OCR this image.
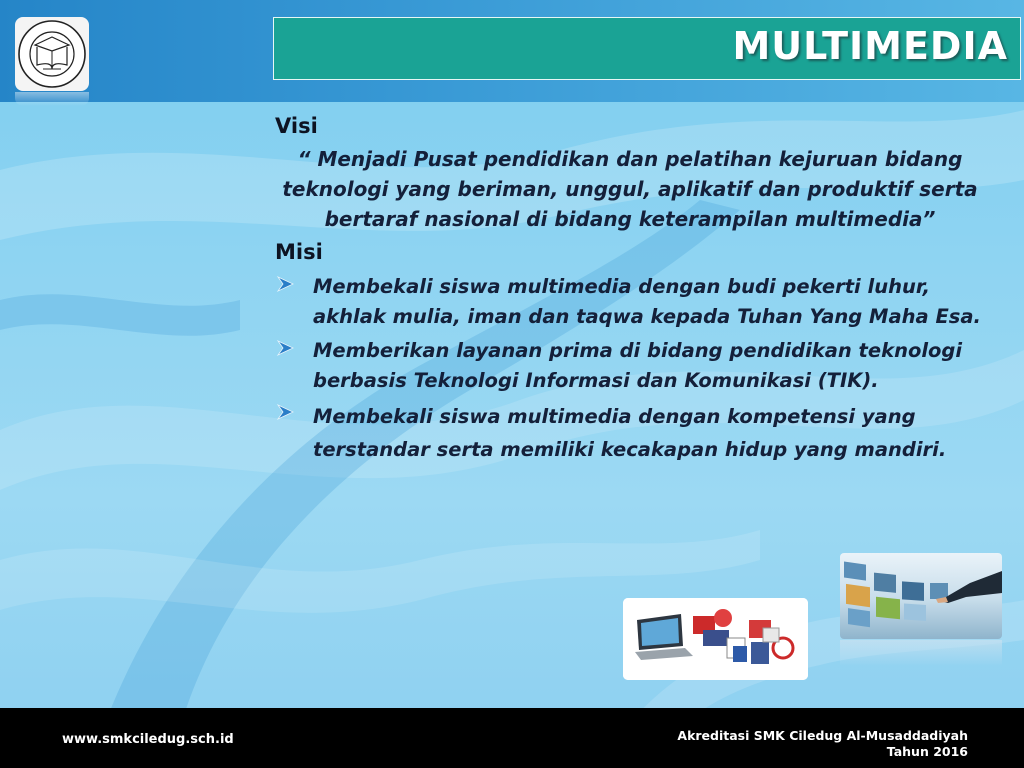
MULTIMEDIA
Visi
“ Menjadi Pusat pendidikan dan pelatihan kejuruan bidang teknologi yang beriman, unggul, aplikatif dan produktif serta bertaraf nasional di bidang keterampilan multimedia”
Misi
Membekali siswa multimedia dengan budi pekerti luhur, akhlak mulia, iman dan taqwa kepada Tuhan Yang Maha Esa.
Memberikan layanan prima di bidang pendidikan teknologi berbasis Teknologi Informasi dan Komunikasi (TIK).
Membekali siswa multimedia dengan kompetensi yang terstandar serta memiliki kecakapan hidup yang mandiri.
www.smkciledug.sch.id	Akreditasi SMK Ciledug Al-Musaddadiyah
Tahun 2016
